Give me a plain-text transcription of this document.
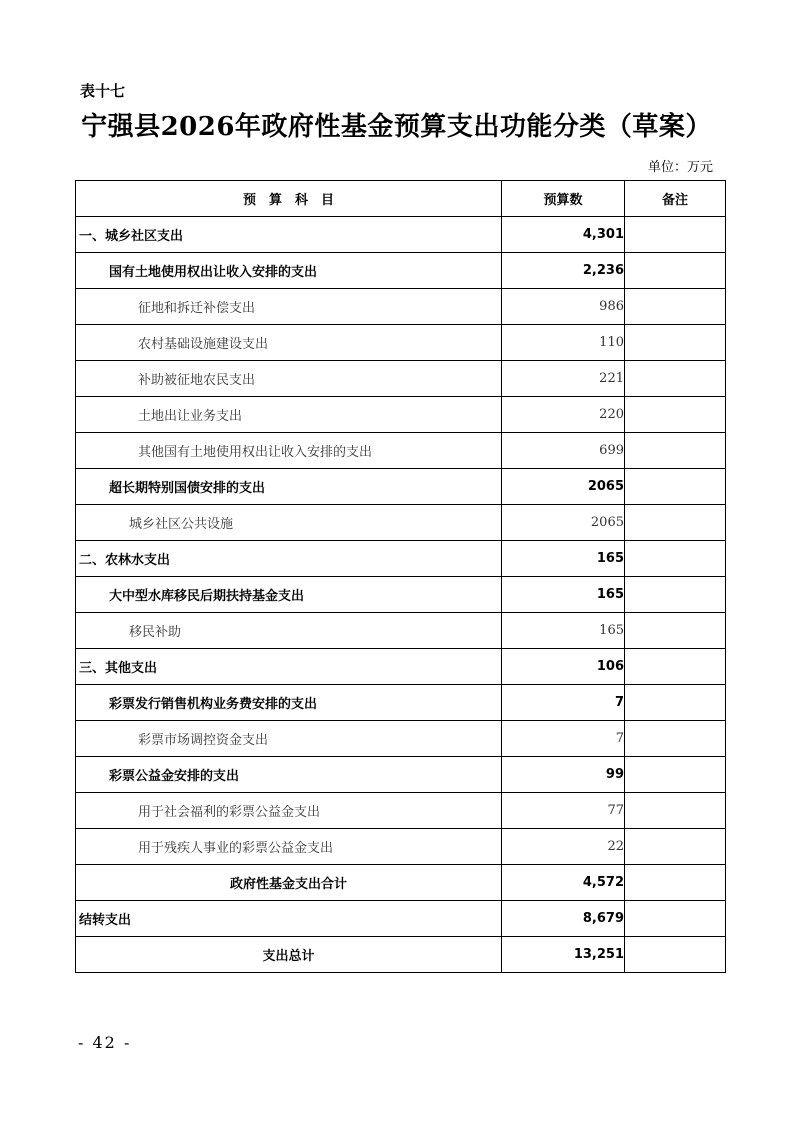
表十七
宁强县2026年政府性基金预算支出功能分类（草案）
单位：万元
预　算　科　目	预算数	备注
一、城乡社区支出	4,301	
国有土地使用权出让收入安排的支出	2,236	
征地和拆迁补偿支出	986	
农村基础设施建设支出	110	
补助被征地农民支出	221	
土地出让业务支出	220	
其他国有土地使用权出让收入安排的支出	699	
超长期特别国债安排的支出	2065	
城乡社区公共设施	2065	
二、农林水支出	165	
大中型水库移民后期扶持基金支出	165	
移民补助	165	
三、其他支出	106	
彩票发行销售机构业务费安排的支出	7	
彩票市场调控资金支出	7	
彩票公益金安排的支出	99	
用于社会福利的彩票公益金支出	77	
用于残疾人事业的彩票公益金支出	22	
政府性基金支出合计	4,572	
结转支出	8,679	
支出总计	13,251	
- 42 -
